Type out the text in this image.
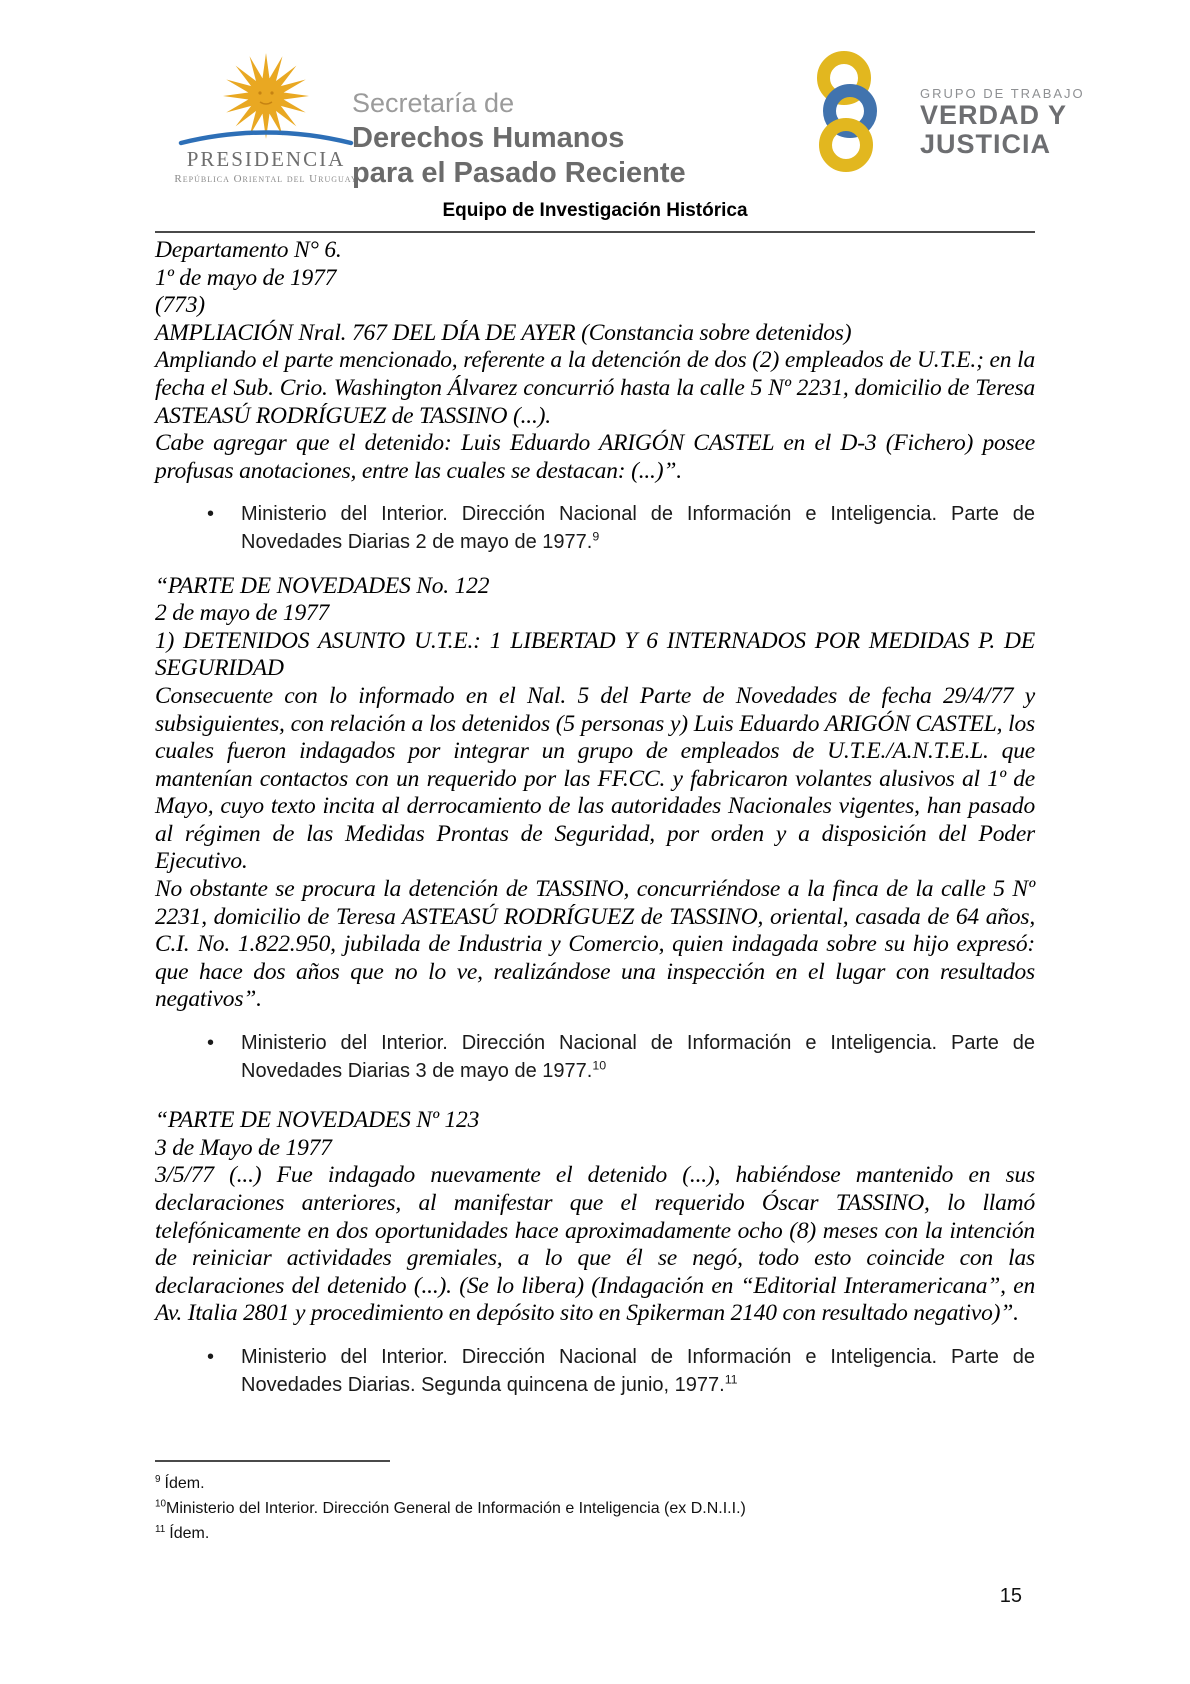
PRESIDENCIA
República Oriental del Uruguay
Secretaría de
Derechos Humanos
para el Pasado Reciente
GRUPO DE TRABAJO
VERDAD Y
JUSTICIA
Equipo de Investigación Histórica

Departamento N° 6.

1º de mayo de 1977

(773)

AMPLIACIÓN Nral. 767 DEL DÍA DE AYER (Constancia sobre detenidos)

Ampliando el parte mencionado, referente a la detención de dos (2) empleados de U.T.E.; en la fecha el Sub. Crio. Washington Álvarez concurrió hasta la calle 5 Nº 2231, domicilio de Teresa ASTEASÚ RODRÍGUEZ de TASSINO (...).

Cabe agregar que el detenido: Luis Eduardo ARIGÓN CASTEL en el D-3 (Fichero) posee profusas anotaciones, entre las cuales se destacan: (...)”.

•	Ministerio del Interior. Dirección Nacional de Información e Inteligencia. Parte de Novedades Diarias 2 de mayo de 1977.$^9$

“PARTE DE NOVEDADES No. 122

2 de mayo de 1977

1) DETENIDOS ASUNTO U.T.E.: 1 LIBERTAD Y 6 INTERNADOS POR MEDIDAS P. DE SEGURIDAD

Consecuente con lo informado en el Nal. 5 del Parte de Novedades de fecha 29/4/77 y subsiguientes, con relación a los detenidos (5 personas y) Luis Eduardo ARIGÓN CASTEL, los cuales fueron indagados por integrar un grupo de empleados de U.T.E./A.N.T.E.L. que mantenían contactos con un requerido por las FF.CC. y fabricaron volantes alusivos al 1º de Mayo, cuyo texto incita al derrocamiento de las autoridades Nacionales vigentes, han pasado al régimen de las Medidas Prontas de Seguridad, por orden y a disposición del Poder Ejecutivo.

No obstante se procura la detención de TASSINO, concurriéndose a la finca de la calle 5 Nº 2231, domicilio de Teresa ASTEASÚ RODRÍGUEZ de TASSINO, oriental, casada de 64 años, C.I. No. 1.822.950, jubilada de Industria y Comercio, quien indagada sobre su hijo expresó: que hace dos años que no lo ve, realizándose una inspección en el lugar con resultados negativos”.

•	Ministerio del Interior. Dirección Nacional de Información e Inteligencia. Parte de Novedades Diarias 3 de mayo de 1977.10

“PARTE DE NOVEDADES Nº 123

3 de Mayo de 1977

3/5/77 (...) Fue indagado nuevamente el detenido (...), habiéndose mantenido en sus declaraciones anteriores, al manifestar que el requerido Óscar TASSINO, lo llamó telefónicamente en dos oportunidades hace aproximadamente ocho (8) meses con la intención de reiniciar actividades gremiales, a lo que él se negó, todo esto coincide con las declaraciones del detenido (...). (Se lo libera) (Indagación en “Editorial Interamericana”, en Av. Italia 2801 y procedimiento en depósito sito en Spikerman 2140 con resultado negativo)”.

•	Ministerio del Interior. Dirección Nacional de Información e Inteligencia. Parte de Novedades Diarias. Segunda quincena de junio, 1977.11
$^9$ Ídem.
$^{10}$Ministerio del Interior. Dirección General de Información e Inteligencia (ex D.N.I.I.)
$^{11}$ Ídem.
15
